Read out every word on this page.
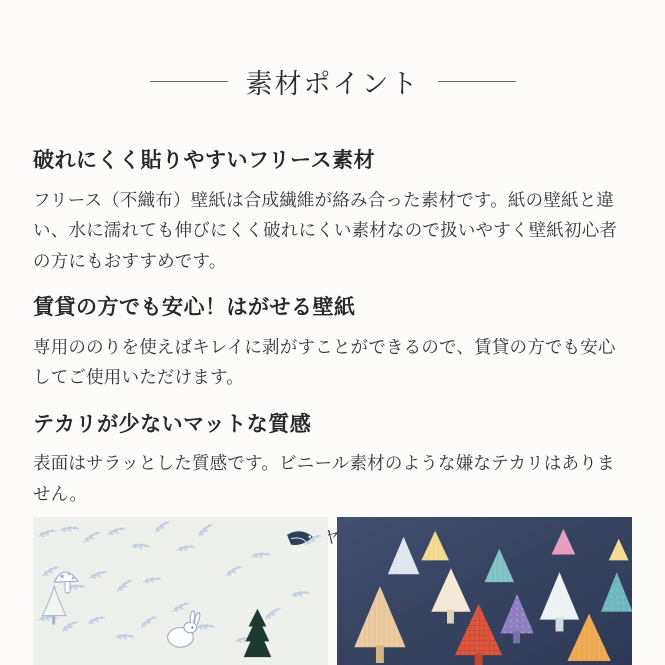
素材ポイント
破れにくく貼りやすいフリース素材

フリース（不織布）壁紙は合成繊維が絡み合った素材です。紙の壁紙と違い、水に濡れても伸びにくく破れにくい素材なので扱いやすく壁紙初心者の方にもおすすめです。

賃貸の方でも安心！はがせる壁紙

専用ののりを使えばキレイに剥がすことができるので、賃貸の方でも安心してご使用いただけます。

テカリが少ないマットな質感

表面はサラッとした質感です。ビニール素材のような嫌なテカリはありません。
